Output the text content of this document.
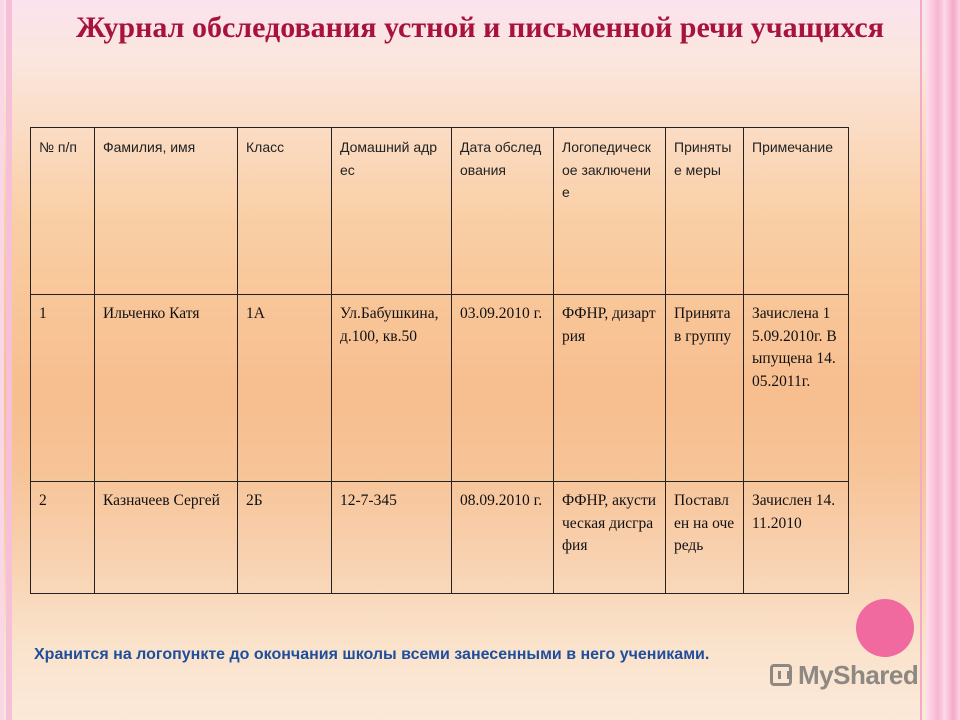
Журнал обследования устной и письменной речи учащихся
№ п/п	Фамилия, имя	Класс	Домашний адрес	Дата обследования	Логопедическое заключение	Принятые меры	Примечание
1	Ильченко Катя	1А	Ул.Бабушкина, д.100, кв.50	03.09.2010 г.	ФФНР, дизартрия	Принята в группу	Зачислена 15.09.2010г. Выпущена 14.05.2011г.
2	Казначеев Сергей	2Б	12-7-345	08.09.2010 г.	ФФНР, акустическая дисграфия	Поставлен на очередь	Зачислен 14.11.2010
Хранится на логопункте до окончания школы всеми занесенными в него учениками.
MyShared
